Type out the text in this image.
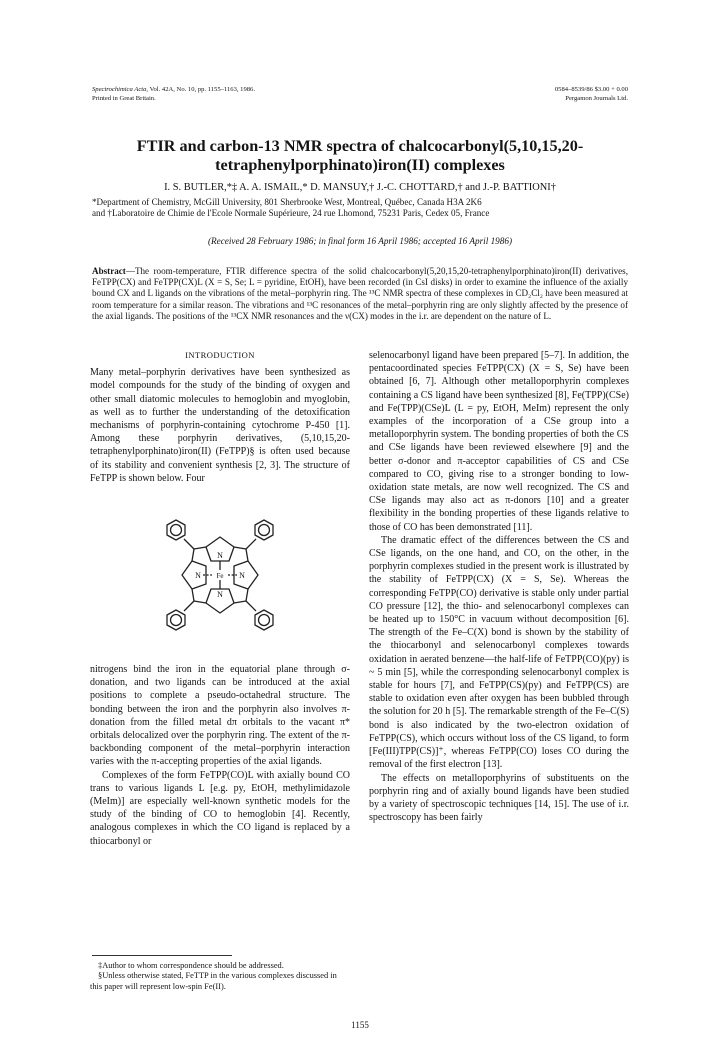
Spectrochimica Acta, Vol. 42A, No. 10, pp. 1155–1163, 1986.
Printed in Great Britain.
0584–8539/86 $3.00 + 0.00
Pergamon Journals Ltd.
FTIR and carbon-13 NMR spectra of chalcocarbonyl(5,10,15,20-
tetraphenylporphinato)iron(II) complexes
I. S. BUTLER,*‡ A. A. ISMAIL,* D. MANSUY,† J.-C. CHOTTARD,† and J.-P. BATTIONI†
*Department of Chemistry, McGill University, 801 Sherbrooke West, Montreal, Québec, Canada H3A 2K6
and †Laboratoire de Chimie de l'Ecole Normale Supérieure, 24 rue Lhomond, 75231 Paris, Cedex 05, France
(Received 28 February 1986; in final form 16 April 1986; accepted 16 April 1986)
Abstract—The room-temperature, FTIR difference spectra of the solid chalcocarbonyl(5,20,15,20-tetraphenylporphinato)iron(II) derivatives, FeTPP(CX) and FeTPP(CX)L (X = S, Se; L = pyridine, EtOH), have been recorded (in CsI disks) in order to examine the influence of the axially bound CX and L ligands on the vibrations of the metal–porphyrin ring. The ¹³C NMR spectra of these complexes in CD₂Cl₂ have been measured at room temperature for a similar reason. The vibrations and ¹³C resonances of the metal–porphyrin ring are only slightly affected by the presence of the axial ligands. The positions of the ¹³CX NMR resonances and the ν(CX) modes in the i.r. are dependent on the nature of L.
INTRODUCTION

Many metal–porphyrin derivatives have been synthesized as model compounds for the study of the binding of oxygen and other small diatomic molecules to hemoglobin and myoglobin, as well as to further the understanding of the detoxification mechanisms of porphyrin-containing cytochrome P-450 [1]. Among these porphyrin derivatives, (5,10,15,20-tetraphenylporphinato)iron(II) (FeTPP)§ is often used because of its stability and convenient synthesis [2, 3]. The structure of FeTPP is shown below. Four

N
N
N	N
Fe

nitrogens bind the iron in the equatorial plane through σ-donation, and two ligands can be introduced at the axial positions to complete a pseudo-octahedral structure. The bonding between the iron and the porphyrin also involves π-donation from the filled metal dπ orbitals to the vacant π* orbitals delocalized over the porphyrin ring. The extent of the π-backbonding component of the metal–porphyrin interaction varies with the π-accepting properties of the axial ligands.

Complexes of the form FeTPP(CO)L with axially bound CO trans to various ligands L [e.g. py, EtOH, methylimidazole (MeIm)] are especially well-known synthetic models for the study of the binding of CO to hemoglobin [4]. Recently, analogous complexes in which the CO ligand is replaced by a thiocarbonyl or

selenocarbonyl ligand have been prepared [5–7]. In addition, the pentacoordinated species FeTPP(CX) (X = S, Se) have been obtained [6, 7]. Although other metalloporphyrin complexes containing a CS ligand have been synthesized [8], Fe(TPP)(CSe) and Fe(TPP)(CSe)L (L = py, EtOH, MeIm) represent the only examples of the incorporation of a CSe group into a metalloporphyrin system. The bonding properties of both the CS and CSe ligands have been reviewed elsewhere [9] and the better σ-donor and π-acceptor capabilities of CS and CSe compared to CO, giving rise to a stronger bonding to low-oxidation state metals, are now well recognized. The CS and CSe ligands may also act as π-donors [10] and a greater flexibility in the bonding properties of these ligands relative to those of CO has been demonstrated [11].

The dramatic effect of the differences between the CS and CSe ligands, on the one hand, and CO, on the other, in the porphyrin complexes studied in the present work is illustrated by the stability of FeTPP(CX) (X = S, Se). Whereas the corresponding FeTPP(CO) derivative is stable only under partial CO pressure [12], the thio- and selenocarbonyl complexes can be heated up to 150°C in vacuum without decomposition [6]. The strength of the Fe–C(X) bond is shown by the stability of the thiocarbonyl and selenocarbonyl complexes towards oxidation in aerated benzene—the half-life of FeTPP(CO)(py) is ~ 5 min [5], while the corresponding selenocarbonyl complex is stable for hours [7], and FeTPP(CS)(py) and FeTPP(CS) are stable to oxidation even after oxygen has been bubbled through the solution for 20 h [5]. The remarkable strength of the Fe–C(S) bond is also indicated by the two-electron oxidation of FeTPP(CS), which occurs without loss of the CS ligand, to form [Fe(III)TPP(CS)]⁺, whereas FeTPP(CO) loses CO during the removal of the first electron [13].

The effects on metalloporphyrins of substituents on the porphyrin ring and of axially bound ligands have been studied by a variety of spectroscopic techniques [14, 15]. The use of i.r. spectroscopy has been fairly

‡Author to whom correspondence should be addressed.

§Unless otherwise stated, FeTTP in the various complexes discussed in this paper will represent low-spin Fe(II).

1155
